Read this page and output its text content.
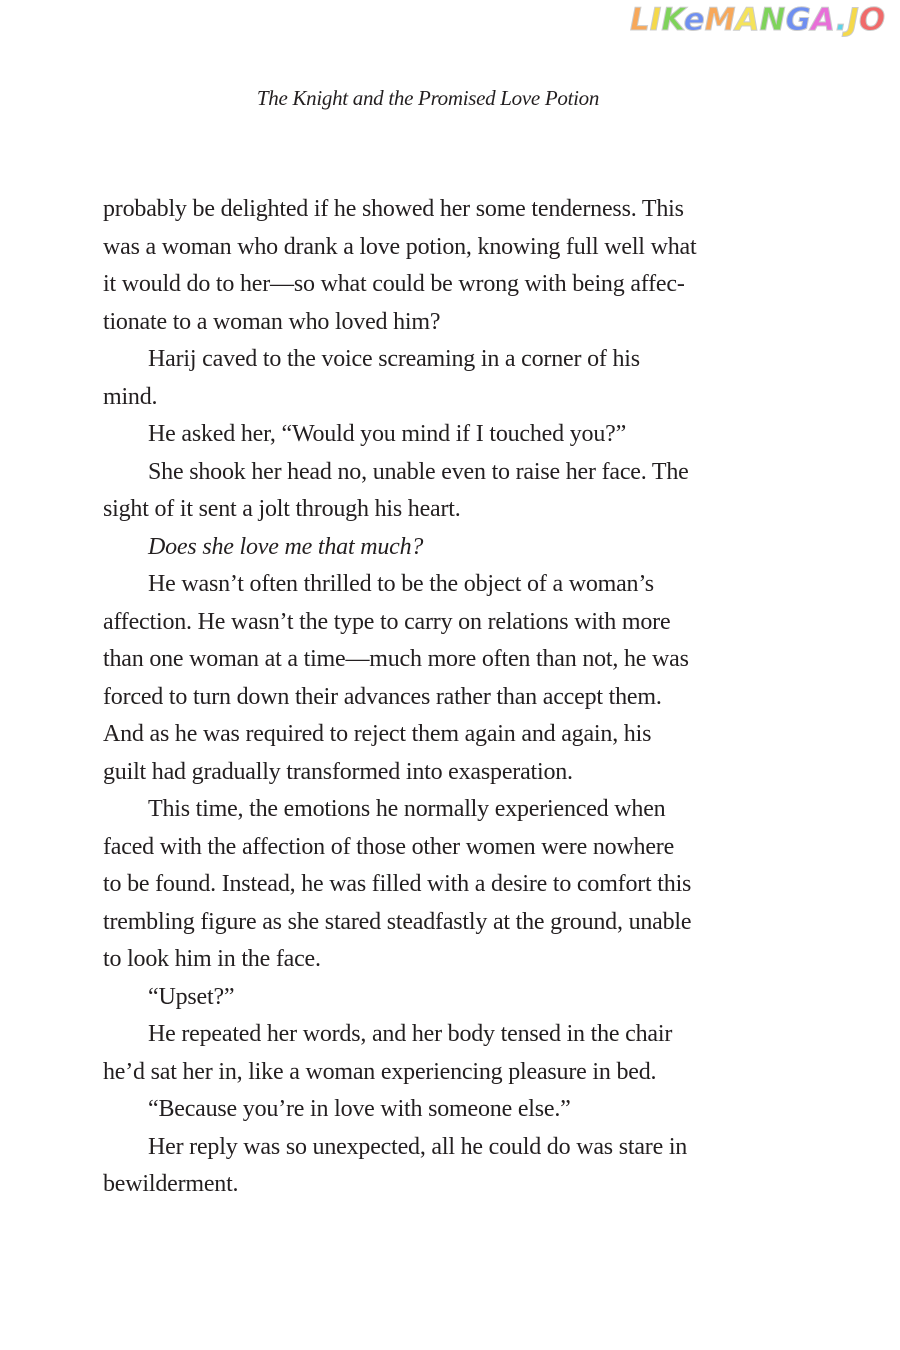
LIKeMANGA.JO
The Knight and the Promised Love Potion
probably be delighted if he showed her some tenderness. This
was a woman who drank a love potion, knowing full well what
it would do to her—so what could be wrong with being affec-
tionate to a woman who loved him?
Harij caved to the voice screaming in a corner of his
mind.
He asked her, “Would you mind if I touched you?”
She shook her head no, unable even to raise her face. The
sight of it sent a jolt through his heart.
Does she love me that much?
He wasn’t often thrilled to be the object of a woman’s
affection. He wasn’t the type to carry on relations with more
than one woman at a time—much more often than not, he was
forced to turn down their advances rather than accept them.
And as he was required to reject them again and again, his
guilt had gradually transformed into exasperation.
This time, the emotions he normally experienced when
faced with the affection of those other women were nowhere
to be found. Instead, he was filled with a desire to comfort this
trembling figure as she stared steadfastly at the ground, unable
to look him in the face.
“Upset?”
He repeated her words, and her body tensed in the chair
he’d sat her in, like a woman experiencing pleasure in bed.
“Because you’re in love with someone else.”
Her reply was so unexpected, all he could do was stare in
bewilderment.
